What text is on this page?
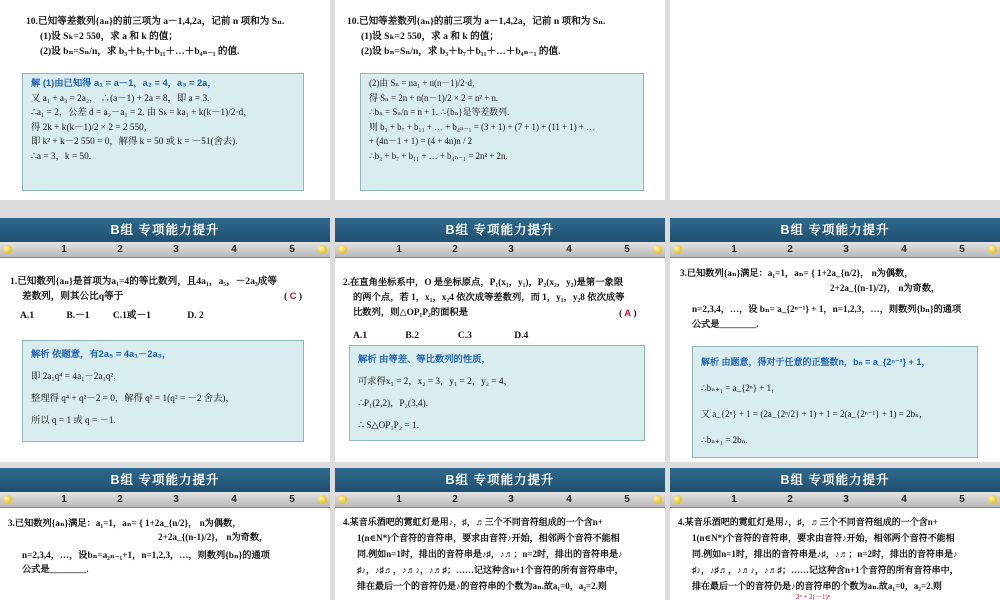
10.已知等差数列{aₙ}的前三项为 a－1,4,2a，记前 n 项和为 Sₙ.

(1)设 Sₖ=2 550，求 a 和 k 的值；
(2)设 bₙ=Sₙ/n，求 b₃＋b₇＋b₁₁＋…＋b₄ₙ₋₁ 的值.
解 (1)由已知得 a₁ = a－1，a₂ = 4，a₃ = 2a，
又 a₁ + a₃ = 2a₂， ∴(a－1) + 2a = 8，即 a = 3.
∴a₁ = 2，公差 d = a₂－a₁ = 2. 由 Sₖ = ka₁ + k(k－1)/2·d，
得 2k + k(k－1)/2 × 2 = 2 550，
即 k² + k－2 550 = 0，解得 k = 50 或 k = －51(舍去).
∴a = 3，k = 50.
10.已知等差数列{aₙ}的前三项为 a－1,4,2a，记前 n 项和为 Sₙ.

(1)设 Sₖ=2 550，求 a 和 k 的值；
(2)设 bₙ=Sₙ/n，求 b₃＋b₇＋b₁₁＋…＋b₄ₙ₋₁ 的值.
(2)由 Sₙ = na₁ + n(n－1)/2·d，
得 Sₙ = 2n + n(n－1)/2 × 2 = n² + n.
∴bₙ = Sₙ/n = n + 1. ∴{bₙ}是等差数列.
则 b₃ + b₇ + b₁₁ + … + b₄ₙ₋₁ = (3 + 1) + (7 + 1) + (11 + 1) + …
+ (4n－1 + 1) = (4 + 4n)n / 2
∴b₃ + b₇ + b₁₁ + … + b₄ₙ₋₁ = 2n² + 2n.
B组 专项能力提升
1	2	3	4	5
1.已知数列{aₙ}是首项为a₁=4的等比数列，且4a₁，a₅，－2a₃成等
差数列，则其公比q等于	( C )
A.1	B.－1 C.1或－1	D. 2
解析 依题意，有2a₅ = 4a₁－2a₃，
即 2a₁q⁴ = 4a₁－2a₁q²，
整理得 q⁴ + q²－2 = 0，解得 q² = 1(q² = －2 舍去)，
所以 q = 1 或 q = －1.
B组 专项能力提升
1	2	3	4	5
2.在直角坐标系中，O 是坐标原点，P₁(x₁，y₁)，P₂(x₂，y₂)是第一象限
的两个点，若 1，x₁，x₂4 依次成等差数列，而 1，y₁，y₂8 依次成等
比数列，则△OP₁P₂的面积是	( A )
A.1	B.2	C.3	D.4
解析 由等差、等比数列的性质，
可求得x₁ = 2，x₂ = 3，y₁ = 2，y₂ = 4，
∴P₁(2,2)，P₂(3,4).
∴ S△OP₁P₂ = 1.
B组 专项能力提升
1	2	3	4	5
3.已知数列{aₙ}满足：a₁=1，aₙ= { 1+2a_{n/2}， n为偶数，
2+2a_{(n-1)/2}， n为奇数，
n=2,3,4，…，设 bₙ= a_{2ⁿ⁻¹} + 1，n=1,2,3，…，则数列{bₙ}的通项
公式是________.
解析 由题意，得对于任意的正整数n，bₙ = a_{2ⁿ⁻¹} + 1，
∴bₙ₊₁ = a_{2ⁿ} + 1，
又 a_{2ⁿ} + 1 = (2a_{2ⁿ/2} + 1) + 1 = 2(a_{2ⁿ⁻¹} + 1) = 2bₙ，
∴bₙ₊₁ = 2bₙ.
B组 专项能力提升
1	2	3	4	5
3.已知数列{aₙ}满足：a₁=1，aₙ= { 1+2a_{n/2}， n为偶数，
2+2a_{(n-1)/2}， n为奇数，
n=2,3,4，…，设bₙ=a₂ₙ₋₁+1，n=1,2,3，…，则数列{bₙ}的通项
公式是________.
B组 专项能力提升
1	2	3	4	5
4.某音乐酒吧的霓虹灯是用♪，♯，♬三个不同音符组成的一个含n+
1(n∈N*)个音符的音符串，要求由音符♪开始，相邻两个音符不能相
同.例如n=1时，排出的音符串是♪♯，♪♬；n=2时，排出的音符串是♪
♯♪，♪♯♬，♪♬♪，♪♬♯；……记这种含n+1个音符的所有音符串中，
排在最后一个的音符仍是♪的音符串的个数为aₙ.故a₁=0，a₂=2.则
B组 专项能力提升
1	2	3	4	5
4.某音乐酒吧的霓虹灯是用♪，♯，♬三个不同音符组成的一个含n+
1(n∈N*)个音符的音符串，要求由音符♪开始，相邻两个音符不能相
同.例如n=1时，排出的音符串是♪♯，♪♬；n=2时，排出的音符串是♪
♯♪，♪♯♬，♪♬♪，♪♬♯；……记这种含n+1个音符的所有音符串中，
排在最后一个的音符仍是♪的音符串的个数为aₙ.故a₁=0，a₂=2.则
2ⁿ + 2(－1)ⁿ
